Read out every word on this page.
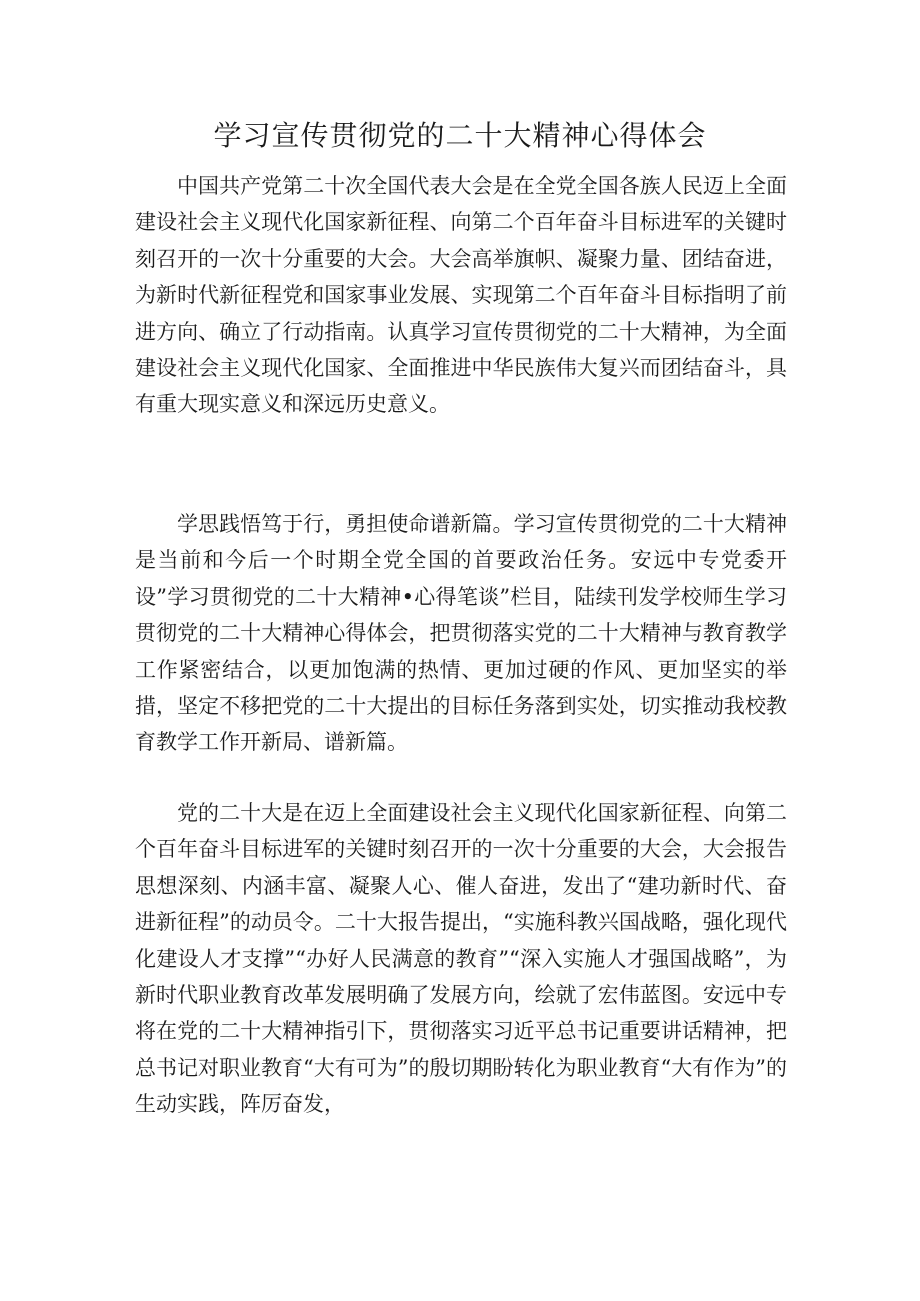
学习宣传贯彻党的二十大精神心得体会

中国共产党第二十次全国代表大会是在全党全国各族人民迈上全面建设社会主义现代化国家新征程、向第二个百年奋斗目标进军的关键时刻召开的一次十分重要的大会。大会高举旗帜、凝聚力量、团结奋进，为新时代新征程党和国家事业发展、实现第二个百年奋斗目标指明了前进方向、确立了行动指南。认真学习宣传贯彻党的二十大精神，为全面建设社会主义现代化国家、全面推进中华民族伟大复兴而团结奋斗，具有重大现实意义和深远历史意义。

学思践悟笃于行，勇担使命谱新篇。学习宣传贯彻党的二十大精神是当前和今后一个时期全党全国的首要政治任务。安远中专党委开设”学习贯彻党的二十大精神•心得笔谈”栏目，陆续刊发学校师生学习贯彻党的二十大精神心得体会，把贯彻落实党的二十大精神与教育教学工作紧密结合，以更加饱满的热情、更加过硬的作风、更加坚实的举措，坚定不移把党的二十大提出的目标任务落到实处，切实推动我校教育教学工作开新局、谱新篇。

党的二十大是在迈上全面建设社会主义现代化国家新征程、向第二个百年奋斗目标进军的关键时刻召开的一次十分重要的大会，大会报告思想深刻、内涵丰富、凝聚人心、催人奋进，发出了“建功新时代、奋进新征程”的动员令。二十大报告提出，“实施科教兴国战略，强化现代化建设人才支撑”“办好人民满意的教育”“深入实施人才强国战略”，为新时代职业教育改革发展明确了发展方向，绘就了宏伟蓝图。安远中专将在党的二十大精神指引下，贯彻落实习近平总书记重要讲话精神，把总书记对职业教育“大有可为”的殷切期盼转化为职业教育“大有作为”的生动实践，阵厉奋发，
